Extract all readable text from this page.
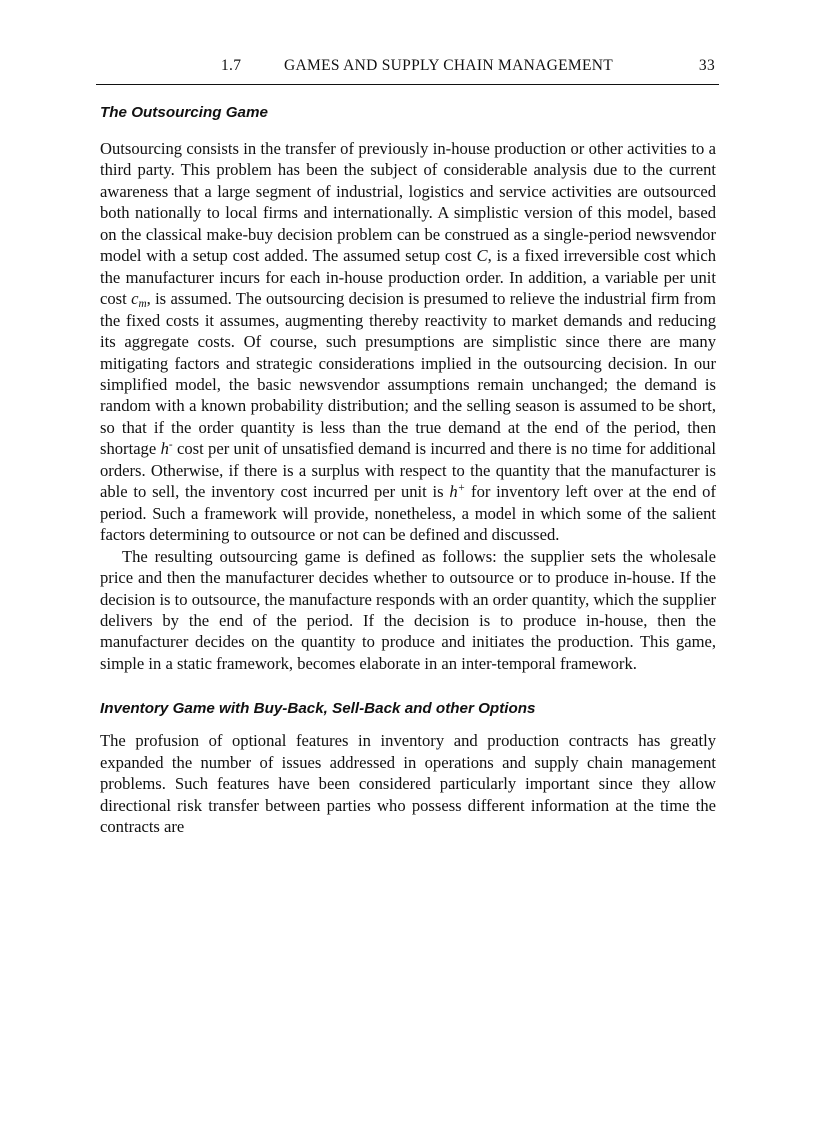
1.7	GAMES AND SUPPLY CHAIN MANAGEMENT	33
The Outsourcing Game

Outsourcing consists in the transfer of previously in-house production or other activities to a third party. This problem has been the subject of considerable analysis due to the current awareness that a large segment of industrial, logistics and service activities are outsourced both nationally to local firms and internationally. A simplistic version of this model, based on the classical make-buy decision problem can be construed as a single-period newsvendor model with a setup cost added. The assumed setup cost C, is a fixed irreversible cost which the manufacturer incurs for each in-house production order. In addition, a variable per unit cost $c_m$, is assumed. The outsourcing decision is presumed to relieve the industrial firm from the fixed costs it assumes, augmenting thereby reactivity to market demands and reducing its aggregate costs. Of course, such presumptions are simplistic since there are many mitigating factors and strategic considerations implied in the outsourcing decision. In our simplified model, the basic newsvendor assumptions remain unchanged; the demand is random with a known probability distribution; and the selling season is assumed to be short, so that if the order quantity is less than the true demand at the end of the period, then shortage h- cost per unit of unsatisfied demand is incurred and there is no time for additional orders. Otherwise, if there is a surplus with respect to the quantity that the manufacturer is able to sell, the inventory cost incurred per unit is h+ for inventory left over at the end of period. Such a framework will provide, nonetheless, a model in which some of the salient factors determining to outsource or not can be defined and discussed.

The resulting outsourcing game is defined as follows: the supplier sets the wholesale price and then the manufacturer decides whether to outsource or to produce in-house. If the decision is to outsource, the manufacture responds with an order quantity, which the supplier delivers by the end of the period. If the decision is to produce in-house, then the manufacturer decides on the quantity to produce and initiates the production. This game, simple in a static framework, becomes elaborate in an inter-temporal framework.

Inventory Game with Buy-Back, Sell-Back and other Options

The profusion of optional features in inventory and production contracts has greatly expanded the number of issues addressed in operations and supply chain management problems. Such features have been considered particularly important since they allow directional risk transfer between parties who possess different information at the time the contracts are
